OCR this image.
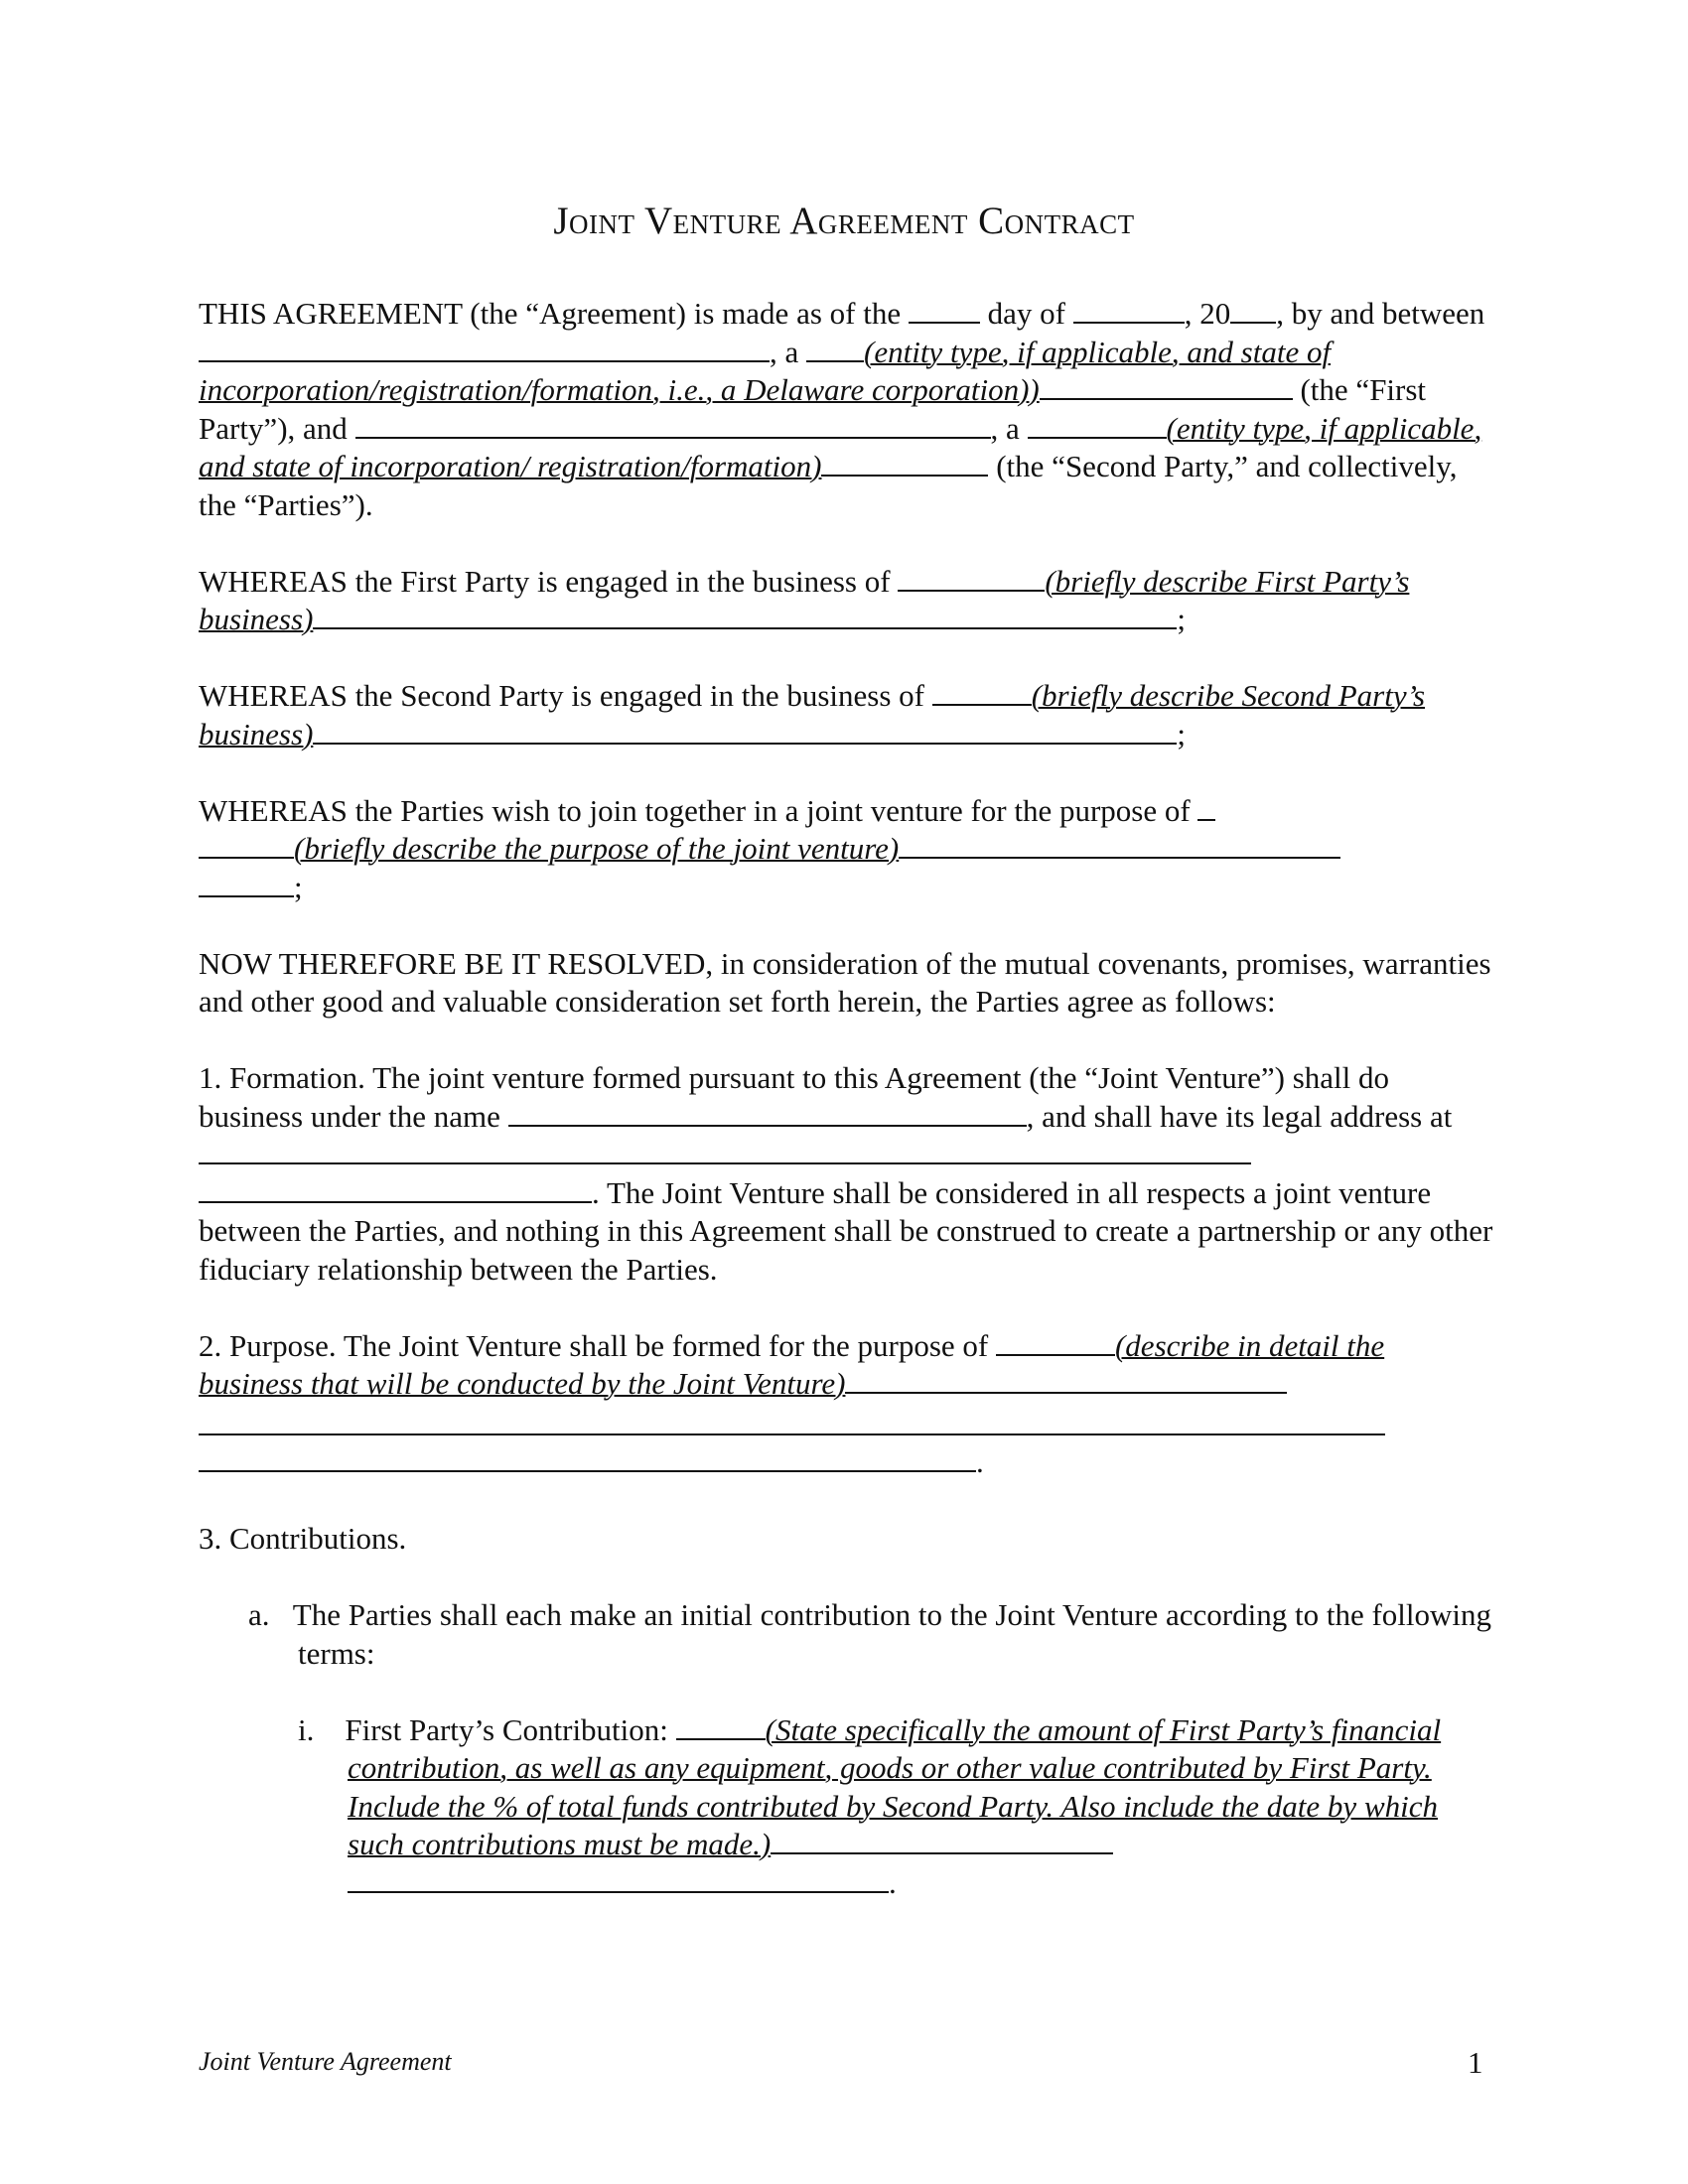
Joint Venture Agreement Contract

THIS AGREEMENT (the “Agreement) is made as of the  day of	, 20 , by and between , a (entity type, if applicable, and state of incorporation/registration/formation, i.e., a Delaware corporation))	(the “First Party”), and	, a	(entity type, if applicable, and state of incorporation/ registration/formation)	(the “Second Party,” and collectively, the “Parties”).

WHEREAS the First Party is engaged in the business of	(briefly describe First Party’s business)	;

WHEREAS the Second Party is engaged in the business of	(briefly describe Second Party’s business)	;

WHEREAS the Parties wish to join together in a joint venture for the purpose of
(briefly describe the purpose of the joint venture)
;

NOW THEREFORE BE IT RESOLVED, in consideration of the mutual covenants, promises, warranties and other good and valuable consideration set forth herein, the Parties agree as follows:

1. Formation. The joint venture formed pursuant to this Agreement (the “Joint Venture”) shall do business under the name	, and shall have its legal address at . The Joint Venture shall be considered in all respects a joint venture between the Parties, and nothing in this Agreement shall be construed to create a partnership or any other fiduciary relationship between the Parties.

2. Purpose. The Joint Venture shall be formed for the purpose of	(describe in detail the business that will be conducted by the Joint Venture)
.

3. Contributions.

a.   The Parties shall each make an initial contribution to the Joint Venture according to the following terms:

i.    First Party’s Contribution:	(State specifically the amount of First Party’s financial contribution, as well as any equipment, goods or other value contributed by First Party. Include the % of total funds contributed by Second Party. Also include the date by which such contributions must be made.).

Joint Venture Agreement	1
